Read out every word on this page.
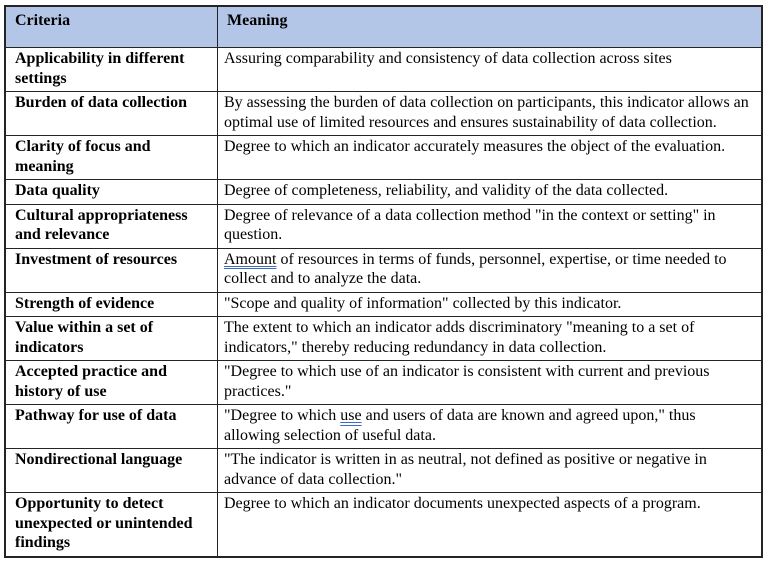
Criteria	Meaning
Applicability in different settings	Assuring comparability and consistency of data collection across sites
Burden of data collection	By assessing the burden of data collection on participants, this indicator allows an optimal use of limited resources and ensures sustainability of data collection.
Clarity of focus and meaning	Degree to which an indicator accurately measures the object of the evaluation.
Data quality	Degree of completeness, reliability, and validity of the data collected.
Cultural appropriateness and relevance	Degree of relevance of a data collection method "in the context or setting" in question.
Investment of resources	Amount of resources in terms of funds, personnel, expertise, or time needed to collect and to analyze the data.
Strength of evidence	"Scope and quality of information" collected by this indicator.
Value within a set of indicators	The extent to which an indicator adds discriminatory "meaning to a set of indicators," thereby reducing redundancy in data collection.
Accepted practice and history of use	"Degree to which use of an indicator is consistent with current and previous practices."
Pathway for use of data	"Degree to which use and users of data are known and agreed upon," thus allowing selection of useful data.
Nondirectional language	"The indicator is written in as neutral, not defined as positive or negative in advance of data collection."
Opportunity to detect unexpected or unintended findings	Degree to which an indicator documents unexpected aspects of a program.
